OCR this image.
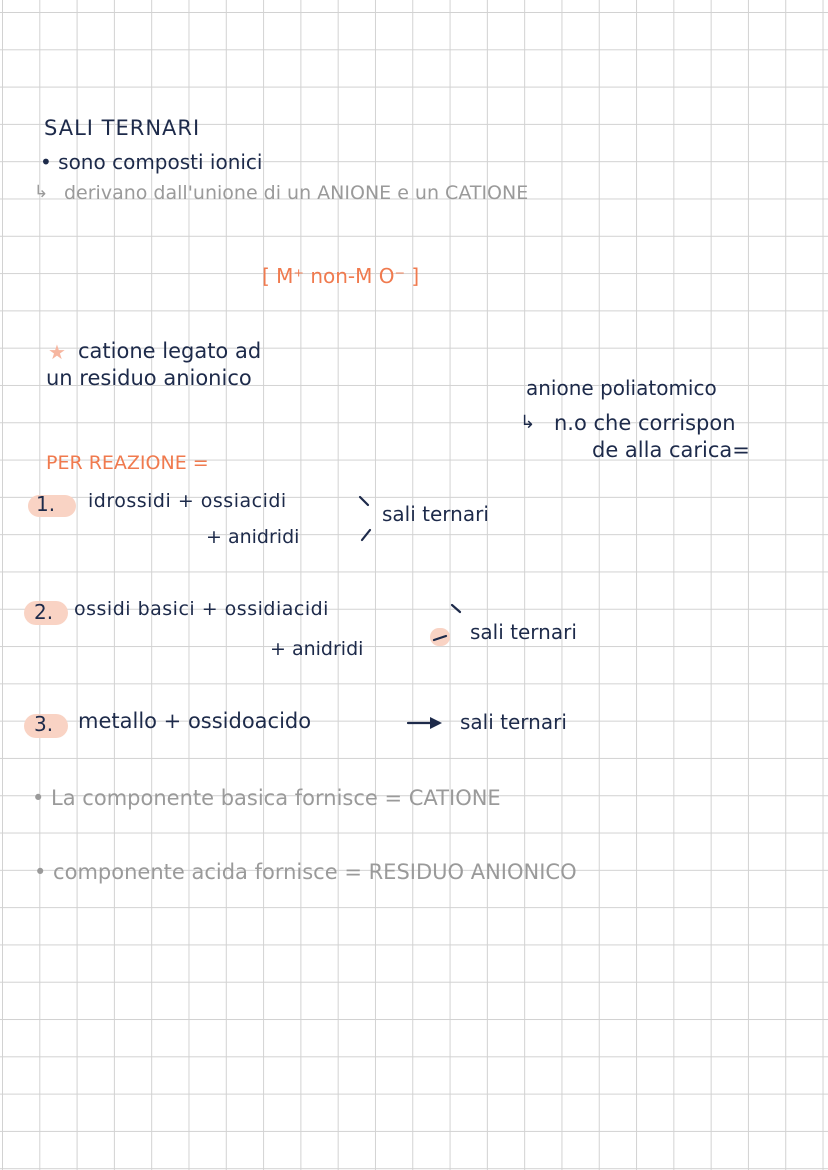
SALI TERNARI
• sono composti ionici
↳ derivano dall'unione di un ANIONE e un CATIONE
[ M⁺ non-M O⁻ ]
★ catione legato ad
un residuo anionico	anione poliatomico
↳ n.o che corrispon
de alla carica=
PER REAZIONE =
1. idrossidi + ossiacidi
+ anidridi
sali ternari
2. ossidi basici + ossidiacidi
+ anidridi
sali ternari
3. metallo + ossidoacido	sali ternari
• La componente basica fornisce = CATIONE
• componente acida fornisce = RESIDUO ANIONICO
